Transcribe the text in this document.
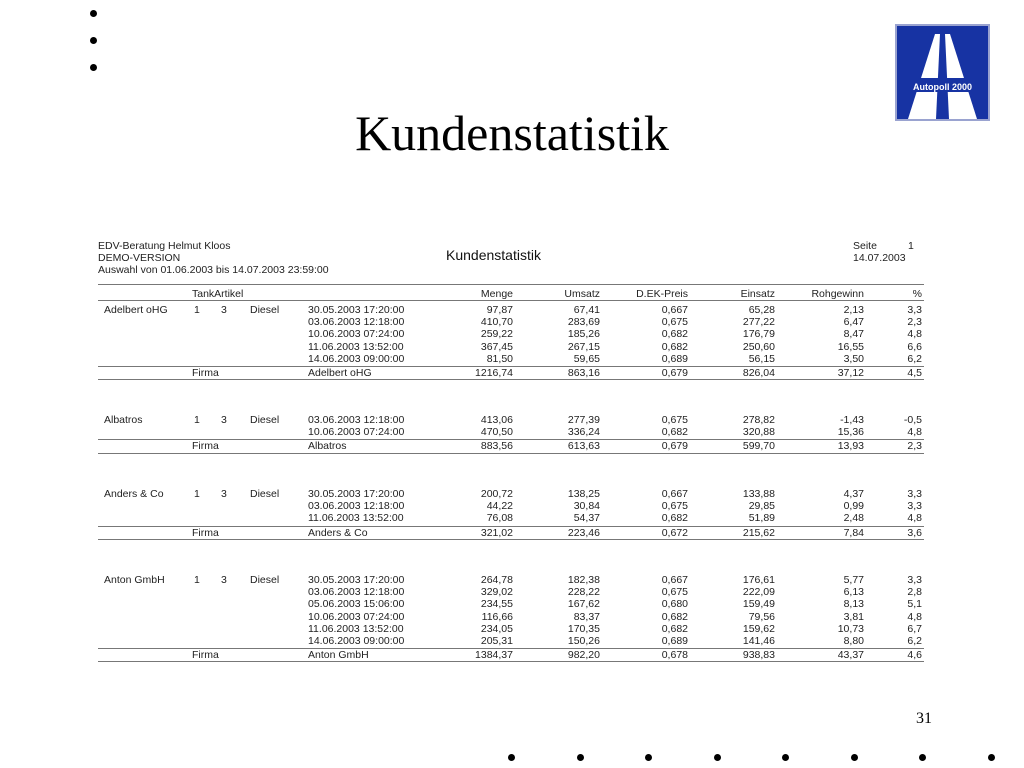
Kundenstatistik
Autopoll 2000
EDV-Beratung Helmut Kloos
DEMO-VERSION
Auswahl von 01.06.2003 bis 14.07.2003 23:59:00
Kundenstatistik
Seite	1
14.07.2003
TankArtikel	Menge	Umsatz	D.EK-Preis	Einsatz	Rohgewinn	%
Adelbert oHG	1 3 Diesel	30.05.2003 17:20:00	97,87	67,41	0,667	65,28	2,13	3,3
03.06.2003 12:18:00	410,70	283,69	0,675	277,22	6,47	2,3
10.06.2003 07:24:00	259,22	185,26	0,682	176,79	8,47	4,8
11.06.2003 13:52:00	367,45	267,15	0,682	250,60	16,55	6,6
14.06.2003 09:00:00	81,50	59,65	0,689	56,15	3,50	6,2
Firma	Adelbert oHG	1216,74	863,16	0,679	826,04	37,12	4,5
Albatros	1 3 Diesel	03.06.2003 12:18:00	413,06	277,39	0,675	278,82	-1,43	-0,5
10.06.2003 07:24:00	470,50	336,24	0,682	320,88	15,36	4,8
Firma	Albatros	883,56	613,63	0,679	599,70	13,93	2,3
Anders & Co	1 3 Diesel	30.05.2003 17:20:00	200,72	138,25	0,667	133,88	4,37	3,3
03.06.2003 12:18:00	44,22	30,84	0,675	29,85	0,99	3,3
11.06.2003 13:52:00	76,08	54,37	0,682	51,89	2,48	4,8
Firma	Anders & Co	321,02	223,46	0,672	215,62	7,84	3,6
Anton GmbH	1 3 Diesel	30.05.2003 17:20:00	264,78	182,38	0,667	176,61	5,77	3,3
03.06.2003 12:18:00	329,02	228,22	0,675	222,09	6,13	2,8
05.06.2003 15:06:00	234,55	167,62	0,680	159,49	8,13	5,1
10.06.2003 07:24:00	116,66	83,37	0,682	79,56	3,81	4,8
11.06.2003 13:52:00	234,05	170,35	0,682	159,62	10,73	6,7
14.06.2003 09:00:00	205,31	150,26	0,689	141,46	8,80	6,2
Firma	Anton GmbH	1384,37	982,20	0,678	938,83	43,37	4,6
31
